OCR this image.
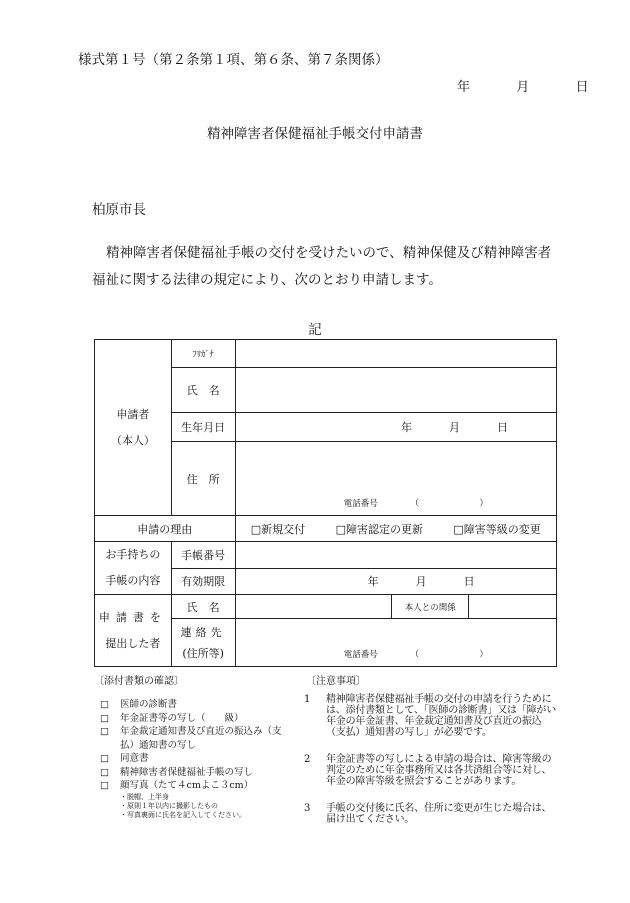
様式第１号（第２条第１項、第６条、第７条関係）
年	月	日
精神障害者保健福祉手帳交付申請書
柏原市長
精神障害者保健福祉手帳の交付を受けたいので、精神保健及び精神障害者
福祉に関する法律の規定により、次のとおり申請します。
記
申請者
（本人）	ﾌﾘｶﾞﾅ			
	氏　名			
	生年月日	年 月 日		
	住　所	電話番号 （　）		
申請の理由		□新規交付 □障害認定の更新 □障害等級の変更		

お手持ちの
手帳の内容	手帳番号			
	有効期限	年 月 日		

申請書を
提出した者	氏　名		本人との関係	

	連絡先
(住所等)	電話番号 （　）		
〔添付書類の確認〕	〔注意事項〕
□	医師の診断書
□	年金証書等の写し（　　級）
□	年金裁定通知書及び直近の振込み（支
払）通知書の写し
□	同意書
□	精神障害者保健福祉手帳の写し
□	顔写真（たて４cmよこ３cm）
・脱帽、上半身
・原則１年以内に撮影したもの
・写真裏面に氏名を記入してください。
1	精神障害者保健福祉手帳の交付の申請を行うためには、添付書類として、「医師の診断書」又は「障がい年金の年金証書、年金裁定通知書及び直近の振込（支払）通知書の写し」が必要です。
2	年金証書等の写しによる申請の場合は、障害等級の判定のために年金事務所又は各共済組合等に対し、年金の障害等級を照会することがあります。
3	手帳の交付後に氏名、住所に変更が生じた場合は、届け出てください。
